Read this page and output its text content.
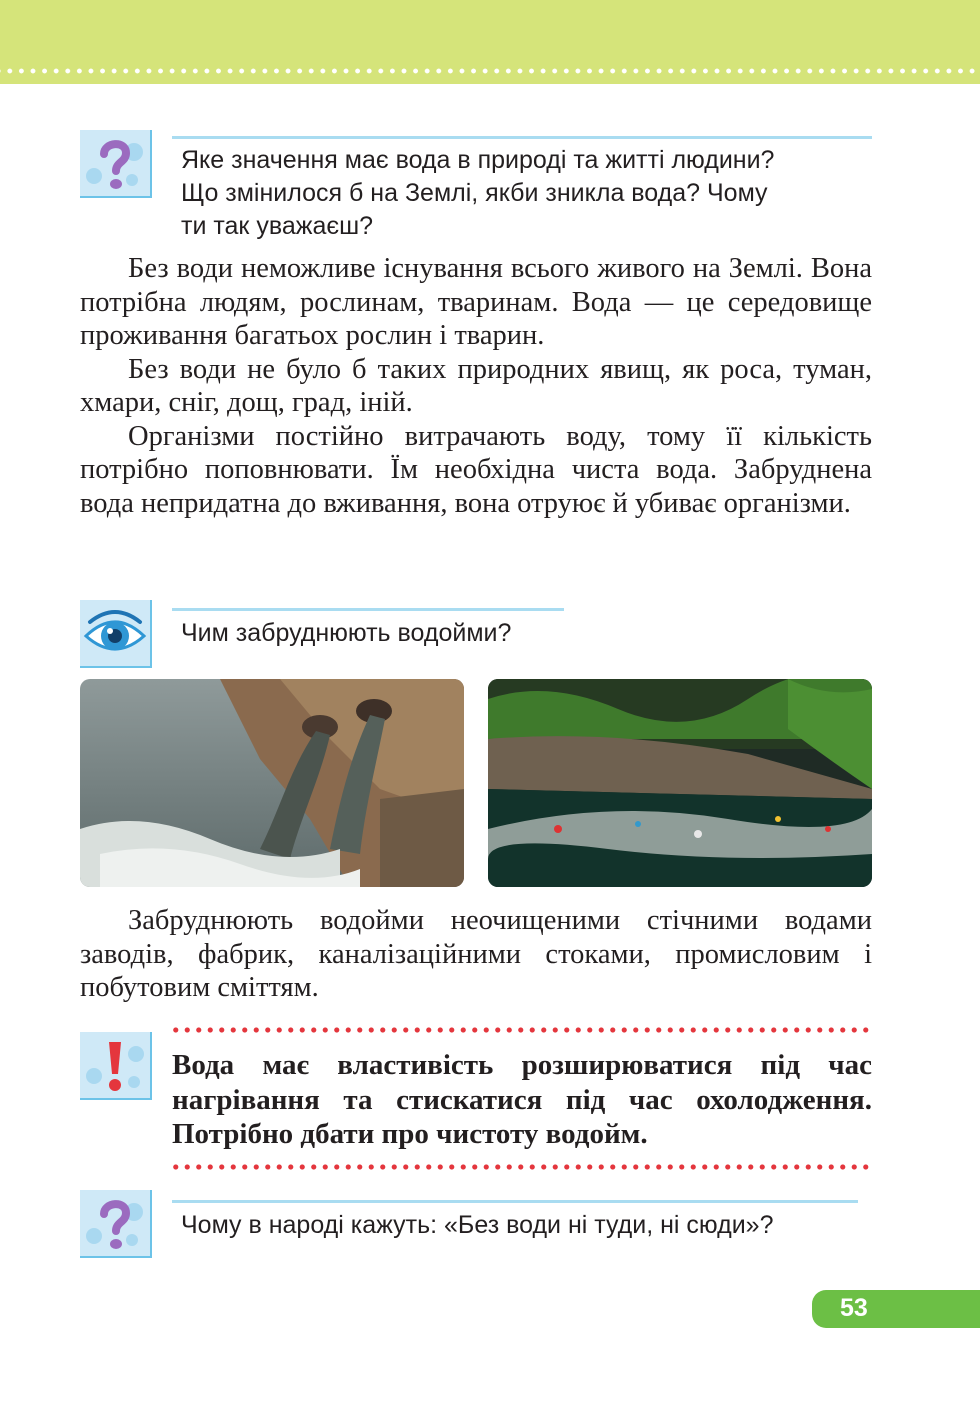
Яке значення має вода в природі та житті людини?
Що змінилося б на Землі, якби зникла вода? Чому
ти так уважаєш?

Без води неможливе існування всього живого на Землі. Вона потрібна людям, рослинам, тваринам. Вода — це середовище проживання багатьох рослин і тварин.

Без води не було б таких природних явищ, як роса, туман, хмари, сніг, дощ, град, іній.

Організми постійно витрачають воду, тому її кількість потрібно поповнювати. Їм необхідна чиста вода. Забруднена вода непридатна до вживання, вона отруює й убиває організми.

Чим забруднюють водойми?

Забруднюють водойми неочищеними стічними водами заводів, фабрик, каналізаційними стоками, промисловим і побутовим сміттям.

Вода має властивість розширюватися під час нагрівання та стискатися під час охолодження. Потрібно дбати про чистоту водойм.
Чому в народі кажуть: «Без води ні туди, ні сюди»?
53
